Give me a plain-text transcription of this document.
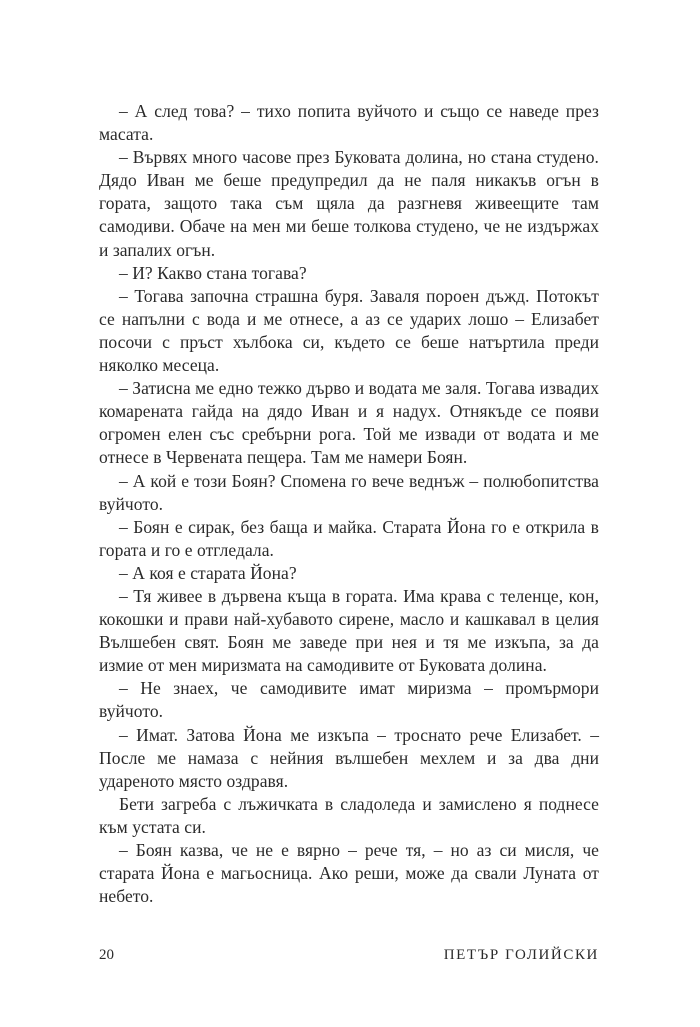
– А след това? – тихо попита вуйчото и също се наведе през масата.

– Вървях много часове през Буковата долина, но стана студено. Дядо Иван ме беше предупредил да не паля никакъв огън в гората, защото така съм щяла да разгневя живеещите там самодиви. Обаче на мен ми беше толкова студено, че не издържах и запалих огън.

– И? Какво стана тогава?

– Тогава започна страшна буря. Заваля пороен дъжд. Потокът се напълни с вода и ме отнесе, а аз се ударих лошо – Елизабет посочи с пръст хълбока си, където се беше натъртила преди няколко месеца.

– Затисна ме едно тежко дърво и водата ме заля. Тогава извадих комарената гайда на дядо Иван и я надух. Отнякъде се появи огромен елен със сребърни рога. Той ме извади от водата и ме отнесе в Червената пещера. Там ме намери Боян.

– А кой е този Боян? Спомена го вече веднъж – полюбопитства вуйчото.

– Боян е сирак, без баща и майка. Старата Йона го е открила в гората и го е отгледала.

– А коя е старата Йона?

– Тя живее в дървена къща в гората. Има крава с теленце, кон, кокошки и прави най-хубавото сирене, масло и кашкавал в целия Вълшебен свят. Боян ме заведе при нея и тя ме изкъпа, за да измие от мен миризмата на самодивите от Буковата долина.

– Не знаех, че самодивите имат миризма – промърмори вуйчото.

– Имат. Затова Йона ме изкъпа – троснато рече Елизабет. – После ме намаза с нейния вълшебен мехлем и за два дни удареното място оздравя.

Бети загреба с лъжичката в сладоледа и замислено я поднесе към устата си.

– Боян казва, че не е вярно – рече тя, – но аз си мисля, че старата Йона е магьосница. Ако реши, може да свали Луната от небето.

20	ПЕТЪР ГОЛИЙСКИ
